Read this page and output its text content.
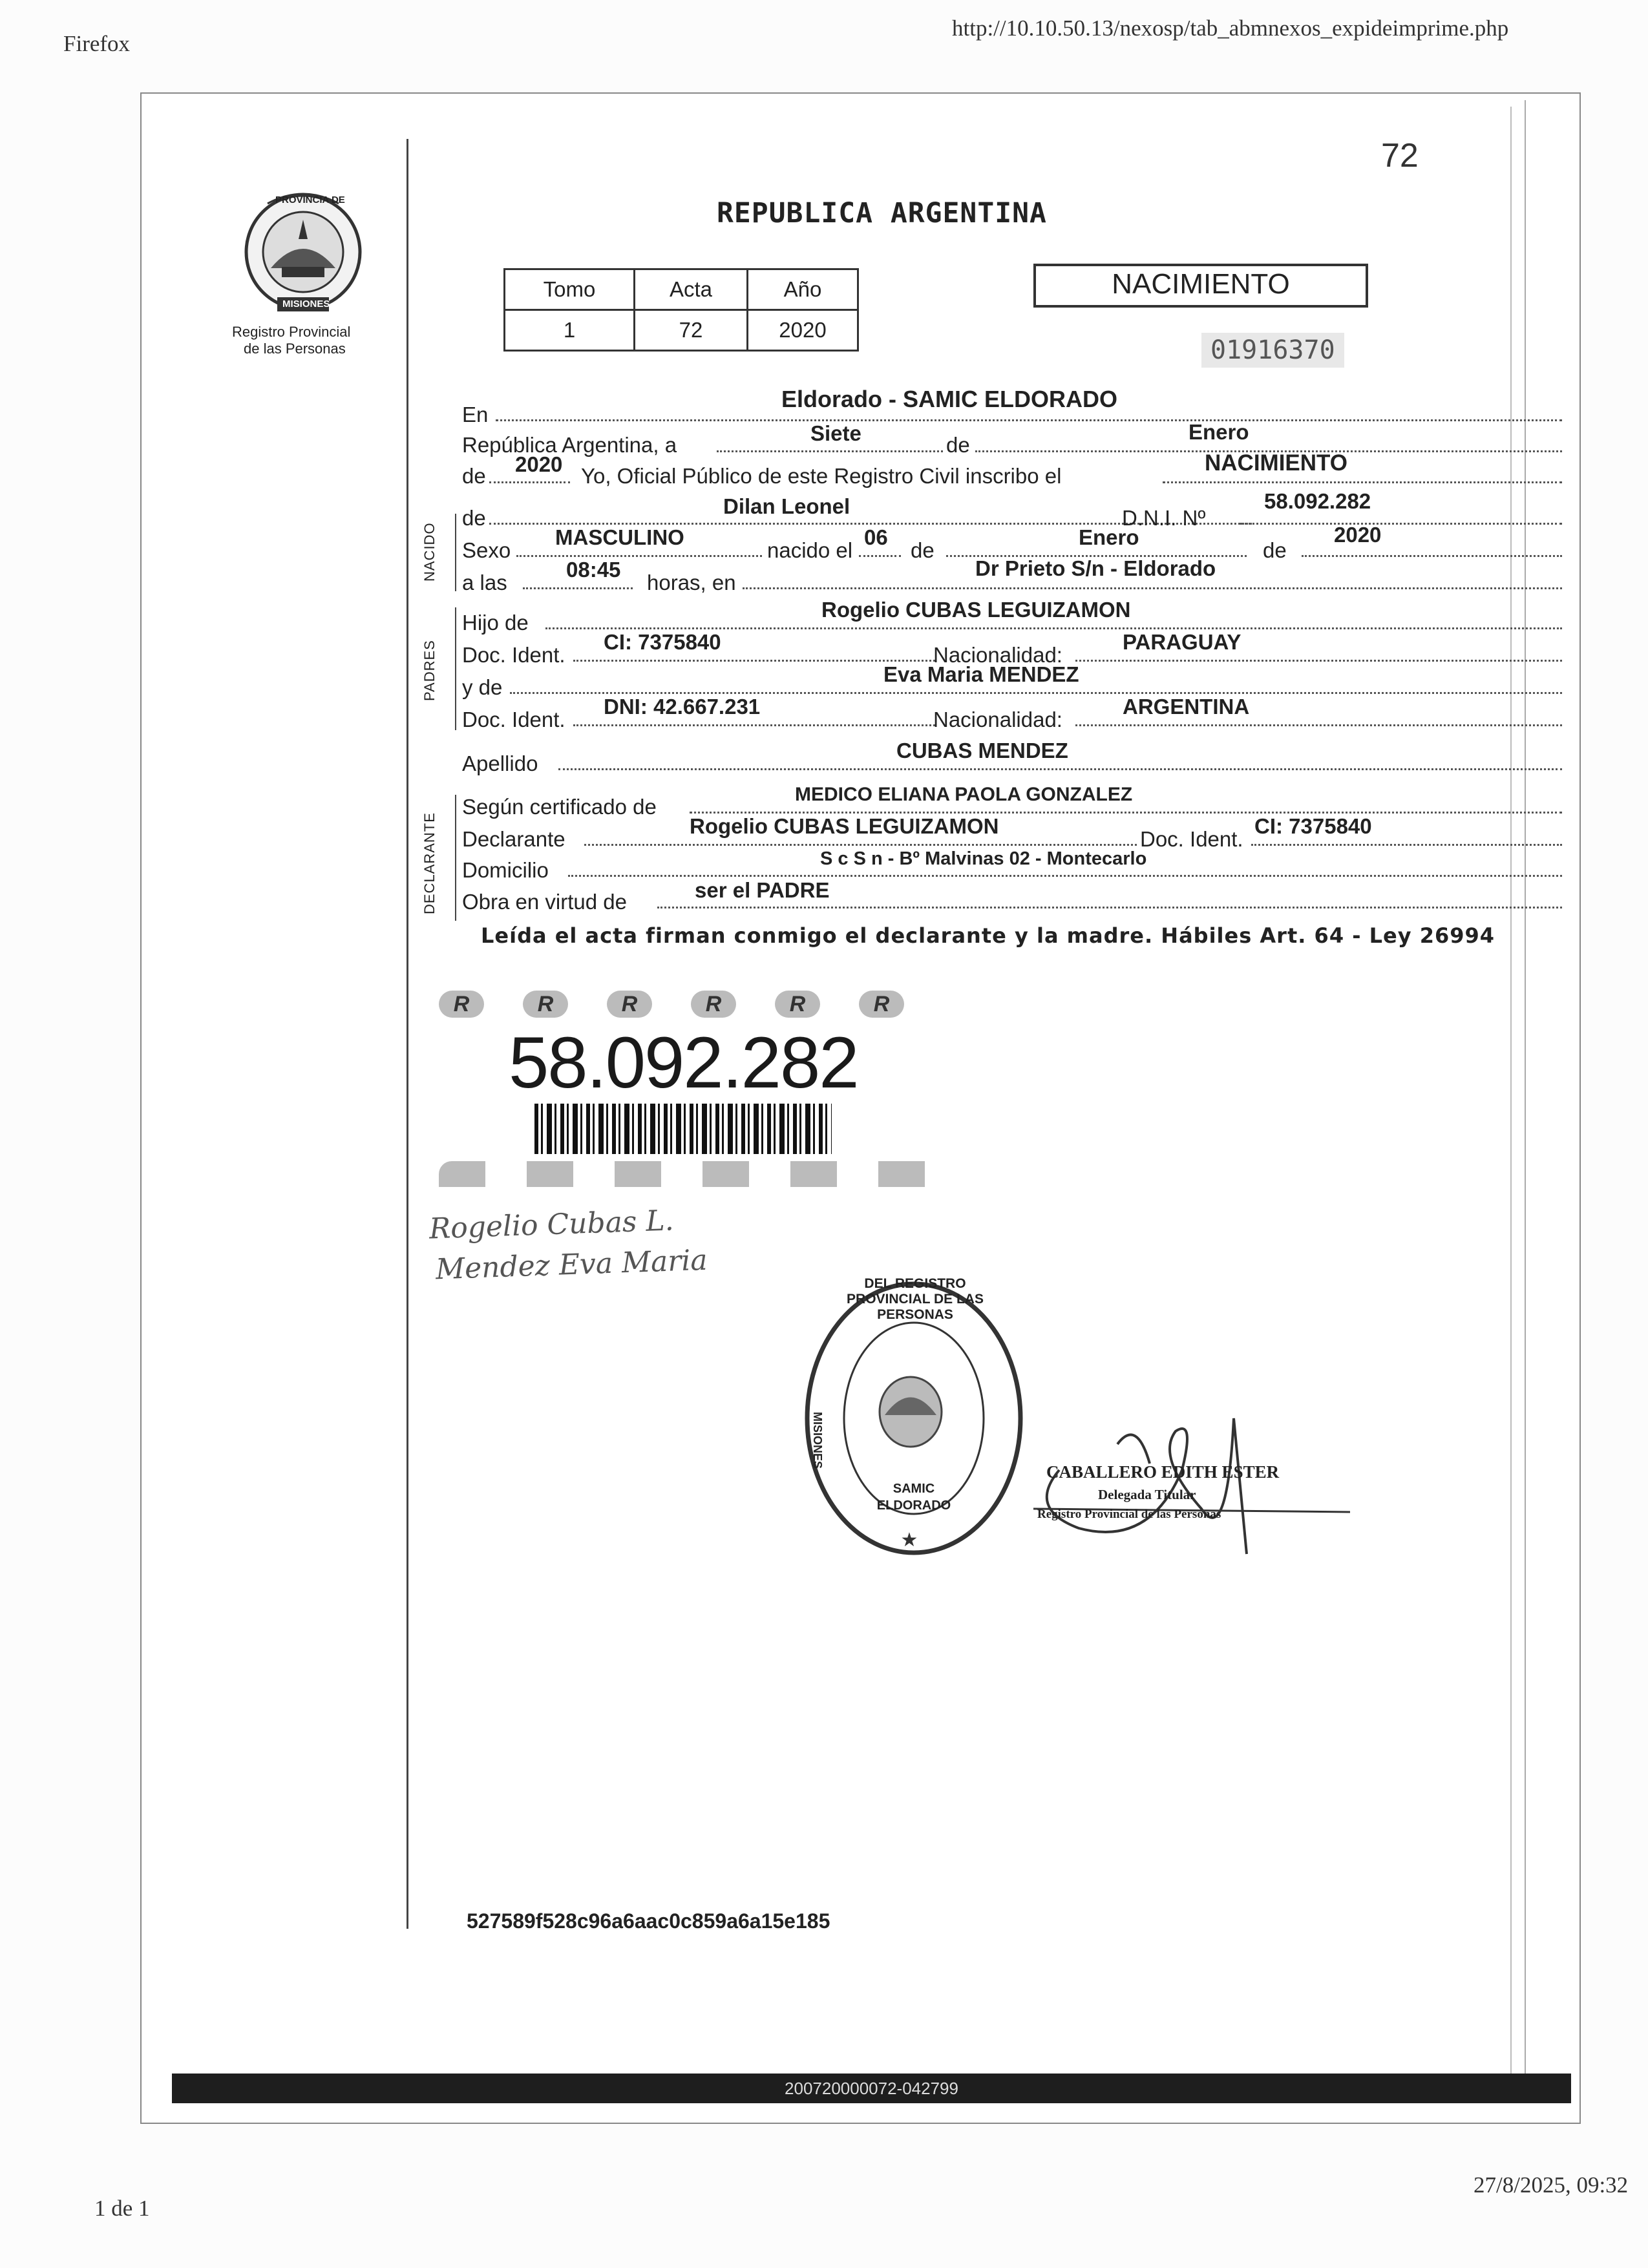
Firefox
http://10.10.50.13/nexosp/tab_abmnexos_expideimprime.php
1 de 1
27/8/2025, 09:32
72
PROVINCIA DE
MISIONES
Registro Provincial
de las Personas
REPUBLICA ARGENTINA
Tomo	Acta	Año
1	72	2020
NACIMIENTO
01916370
NACIDO
PADRES
DECLARANTE
En
Eldorado - SAMIC ELDORADO
República Argentina, a	Siete	de
Enero
de 2020 Yo, Oficial Público de este Registro Civil inscribo el
NACIMIENTO
de	Dilan Leonel	D.N.I. Nº
58.092.282
Sexo
MASCULINO
nacido el
06
de
Enero
de
2020
a las
08:45
horas, en
Dr Prieto S/n - Eldorado
Hijo de
Rogelio CUBAS LEGUIZAMON
Doc. Ident.
CI: 7375840
Nacionalidad:
PARAGUAY
y de
Eva Maria MENDEZ
Doc. Ident.
DNI: 42.667.231
Nacionalidad:
ARGENTINA
Apellido
CUBAS MENDEZ
Según certificado de
MEDICO ELIANA PAOLA GONZALEZ
Declarante
Rogelio CUBAS LEGUIZAMON
Doc. Ident.
CI: 7375840
Domicilio	S c S n - Bº Malvinas 02 - Montecarlo
Obra en virtud de	ser el PADRE
Leída el acta firman conmigo el declarante y la madre. Hábiles Art. 64 - Ley 26994
R	R	R	R	R	R
58.092.282
Rogelio Cubas L.
Mendez Eva Maria
★
DEL REGISTRO PROVINCIAL DE LAS PERSONAS
MISIONES
SAMIC ELDORADO
CABALLERO EDITH ESTER
Delegada Titular
Registro Provincial de las Personas
527589f528c96a6aac0c859a6a15e185
200720000072-042799
